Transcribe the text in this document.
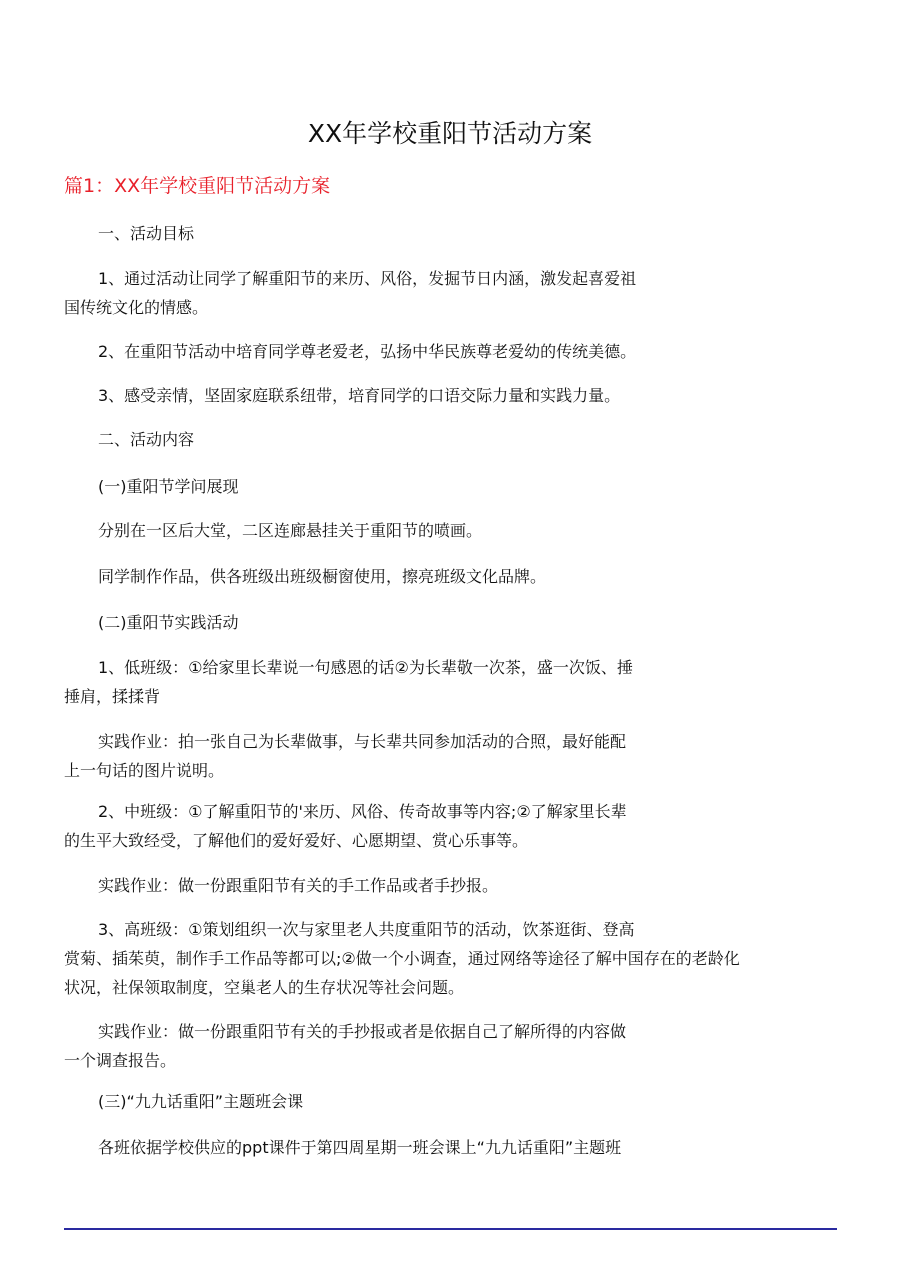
XX年学校重阳节活动方案
篇1：XX年学校重阳节活动方案

一、活动目标

1、通过活动让同学了解重阳节的来历、风俗，发掘节日内涵，激发起喜爱祖
国传统文化的情感。

2、在重阳节活动中培育同学尊老爱老，弘扬中华民族尊老爱幼的传统美德。

3、感受亲情，坚固家庭联系纽带，培育同学的口语交际力量和实践力量。

二、活动内容

(一)重阳节学问展现

分别在一区后大堂，二区连廊悬挂关于重阳节的喷画。

同学制作作品，供各班级出班级橱窗使用，擦亮班级文化品牌。

(二)重阳节实践活动

1、低班级：①给家里长辈说一句感恩的话②为长辈敬一次茶，盛一次饭、捶
捶肩，揉揉背

实践作业：拍一张自己为长辈做事，与长辈共同参加活动的合照，最好能配
上一句话的图片说明。

2、中班级：①了解重阳节的'来历、风俗、传奇故事等内容;②了解家里长辈
的生平大致经受，了解他们的爱好爱好、心愿期望、赏心乐事等。

实践作业：做一份跟重阳节有关的手工作品或者手抄报。

3、高班级：①策划组织一次与家里老人共度重阳节的活动，饮茶逛街、登高
赏菊、插茱萸，制作手工作品等都可以;②做一个小调查，通过网络等途径了解中国存在的老龄化
状况，社保领取制度，空巢老人的生存状况等社会问题。

实践作业：做一份跟重阳节有关的手抄报或者是依据自己了解所得的内容做
一个调查报告。

(三)“九九话重阳”主题班会课

各班依据学校供应的ppt课件于第四周星期一班会课上“九九话重阳”主题班
